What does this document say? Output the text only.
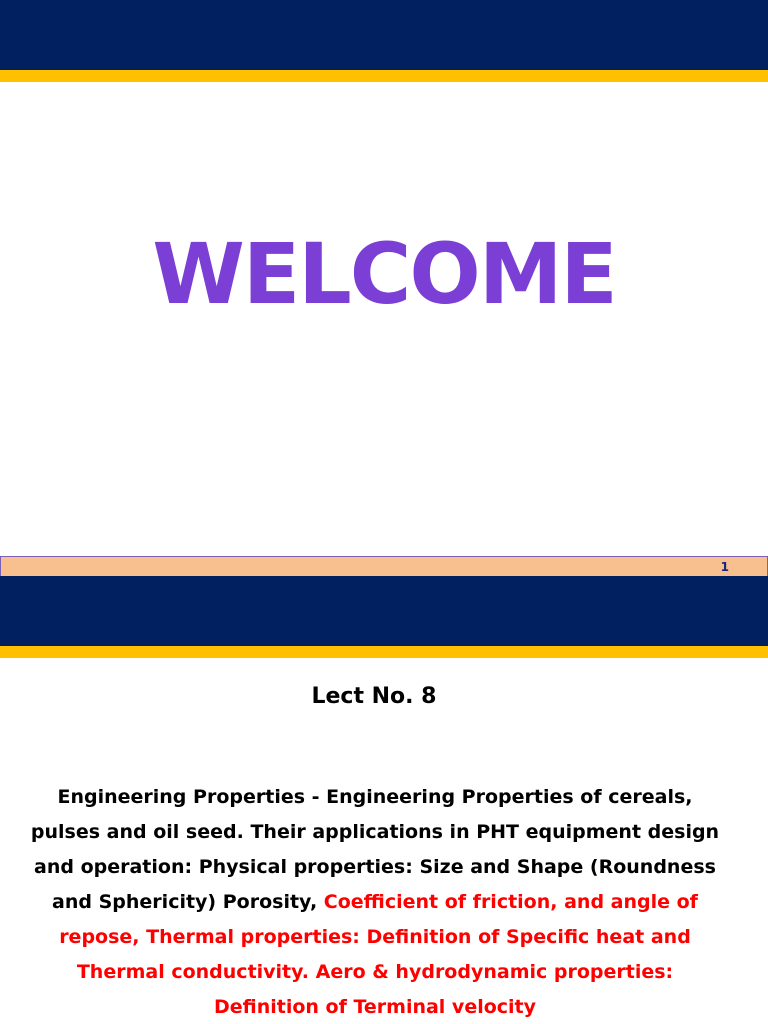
WELCOME
1
Lect No. 8
Engineering Properties - Engineering Properties of cereals, pulses and oil seed. Their applications in PHT equipment design and operation: Physical properties: Size and Shape (Roundness and Sphericity) Porosity, Coefficient of friction, and angle of repose, Thermal properties: Definition of Specific heat and Thermal conductivity. Aero & hydrodynamic properties: Definition of Terminal velocity
